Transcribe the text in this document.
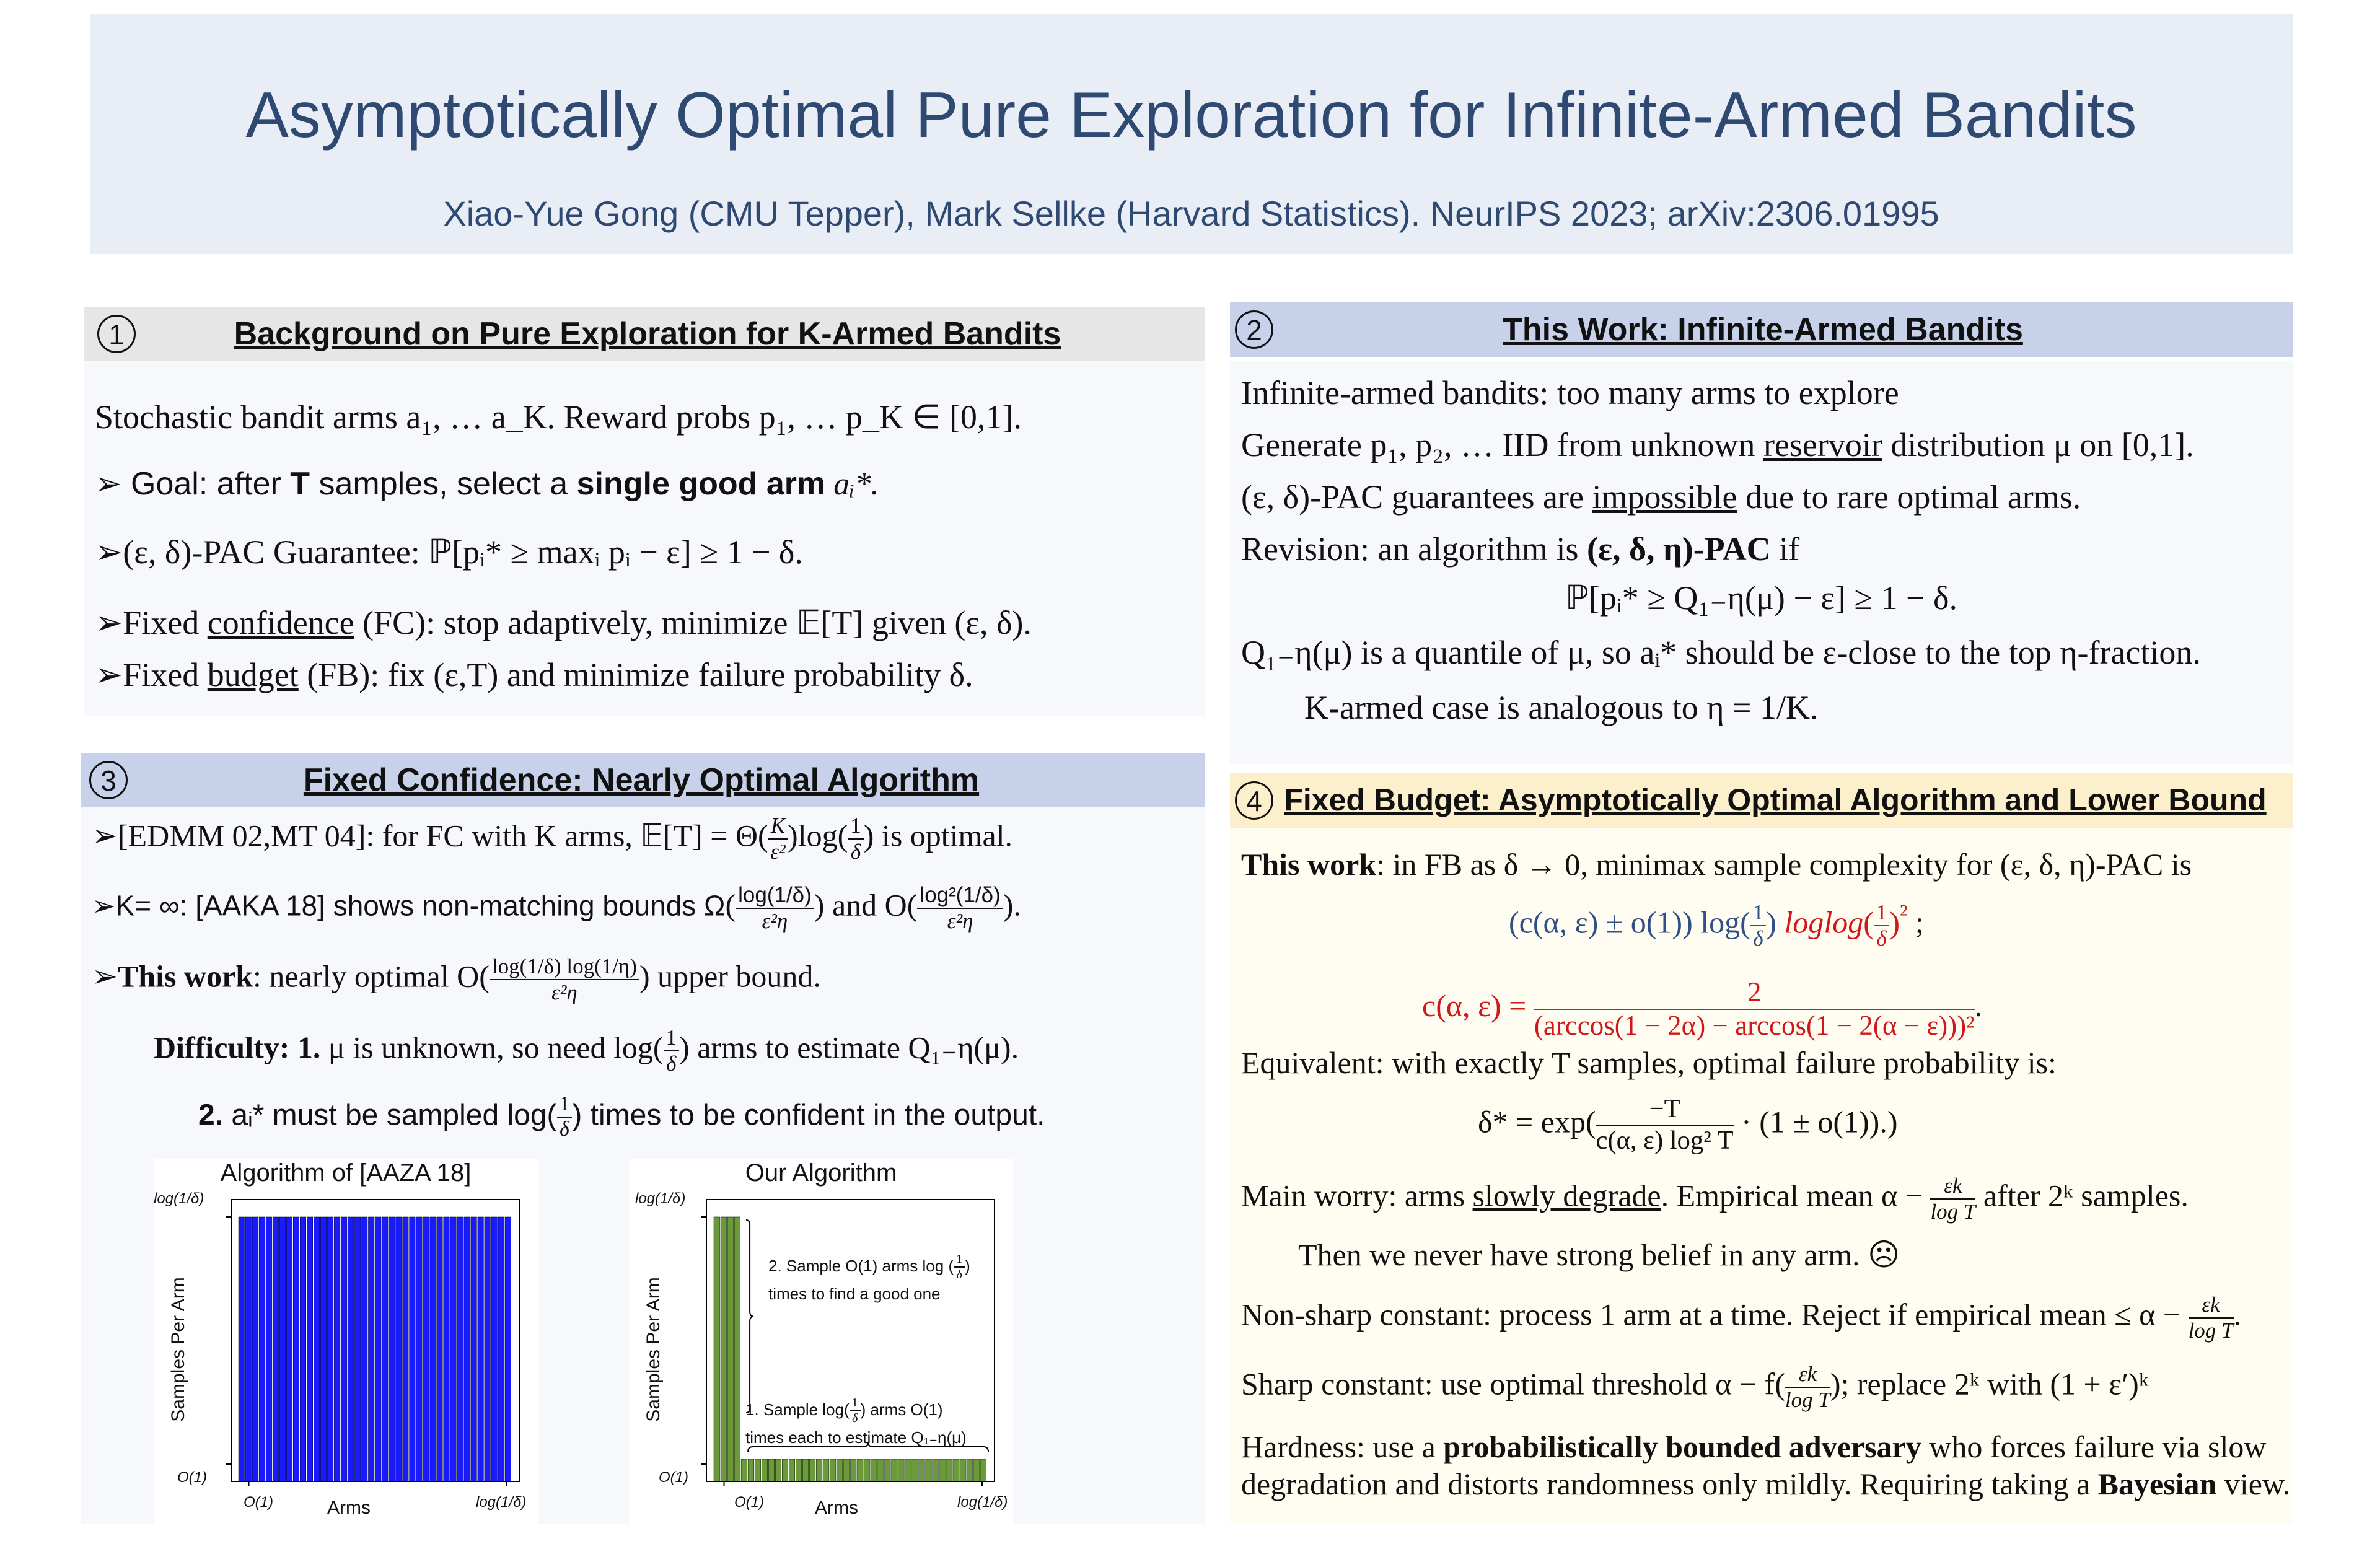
Asymptotically Optimal Pure Exploration for Infinite-Armed Bandits
Xiao-Yue Gong (CMU Tepper), Mark Sellke (Harvard Statistics). NeurIPS 2023; arXiv:2306.01995
1	Background on Pure Exploration for K-Armed Bandits
Stochastic bandit arms a₁, … a_K. Reward probs p₁, … p_K ∈ [0,1].
➢ Goal: after T samples, select a single good arm aᵢ*.
➢(ε, δ)-PAC Guarantee: ℙ[pᵢ* ≥ maxᵢ pᵢ − ε] ≥ 1 − δ.
➢Fixed confidence (FC): stop adaptively, minimize 𝔼[T] given (ε, δ).
➢Fixed budget (FB): fix (ε,T) and minimize failure probability δ.
2	This Work: Infinite-Armed Bandits
Infinite-armed bandits: too many arms to explore
Generate p₁, p₂, … IID from unknown reservoir distribution μ on [0,1].
(ε, δ)-PAC guarantees are impossible due to rare optimal arms.
Revision: an algorithm is (ε, δ, η)-PAC if
ℙ[pᵢ* ≥ Q₁₋η(μ) − ε] ≥ 1 − δ.
Q₁₋η(μ) is a quantile of μ, so aᵢ* should be ε-close to the top η-fraction.
K-armed case is analogous to η = 1/K.
3	Fixed Confidence: Nearly Optimal Algorithm
➢[EDMM 02,MT 04]: for FC with K arms, 𝔼[T] = $\Theta( \frac{K}{\text{ε²}} )\log( \frac{1}{\delta}$ ) is optimal.
➢K= ∞: [AAKA 18] shows non-matching bounds $\Omega( \frac{\log(1/\delta)}{\text{ε²η}}$ ) and $O( \frac{\text{log²(1/δ)}}{\text{ε²η}}$ ).
➢This work: nearly optimal $O( \frac{\log(1/\delta) \log(1/\eta)}{\text{ε²η}}$ ) upper bound.
Difficulty: 1. μ is unknown, so need $\log( \frac{1}{\delta}$ ) arms to estimate Q₁₋η(μ).
2. aᵢ* must be sampled $\log( \frac{1}{\delta}$ ) times to be confident in the output.
Algorithm of [AAZA 18]
Samples Per Arm
Arms
log(1/δ)
O(1)
O(1)	log(1/δ)
Our Algorithm
Samples Per Arm
Arms
log(1/δ)
O(1)
O(1)	log(1/δ)
2. Sample O(1) arms log ( $\frac{1}{\delta}$ )
times to find a good one
1. Sample $\log( \frac{1}{\delta}$ ) arms O(1)
times each to estimate Q₁₋η(μ)
4 Fixed Budget: Asymptotically Optimal Algorithm and Lower Bound
This work: in FB as δ → 0, minimax sample complexity for (ε, δ, η)-PAC is
(c(α, ε) ± o(1)) $\log( \frac{1}{\delta}$ ) $loglog( \frac{1}{\delta} )^{^2}$ ;
c(α, $\varepsilon) = \frac{2}{\text{(arccos(1 − 2α) − arccos(1 − 2(α − ε)))²}}$ .
Equivalent: with exactly T samples, optimal failure probability is:
$\delta* = \exp( \frac{-T}{\text{c(α, ε) log² T}} \cdot (1 \pm o(1)).)$
Main worry: arms slowly degrade. Empirical mean $\alpha - \frac{\varepsilon k}{\text{log T}}$ after 2ᵏ samples.
Then we never have strong belief in any arm. ☹
Non-sharp constant: process 1 arm at a time. Reject if empirical mean ≤ $\alpha - \frac{\varepsilon k}{\text{log T}}$ .
Sharp constant: use optimal threshold $\alpha - f( \frac{\varepsilon k}{\text{log T}}$ ); replace 2ᵏ with (1 + ε′)ᵏ
Hardness: use a probabilistically bounded adversary who forces failure via slow
degradation and distorts randomness only mildly. Requiring taking a Bayesian view.
